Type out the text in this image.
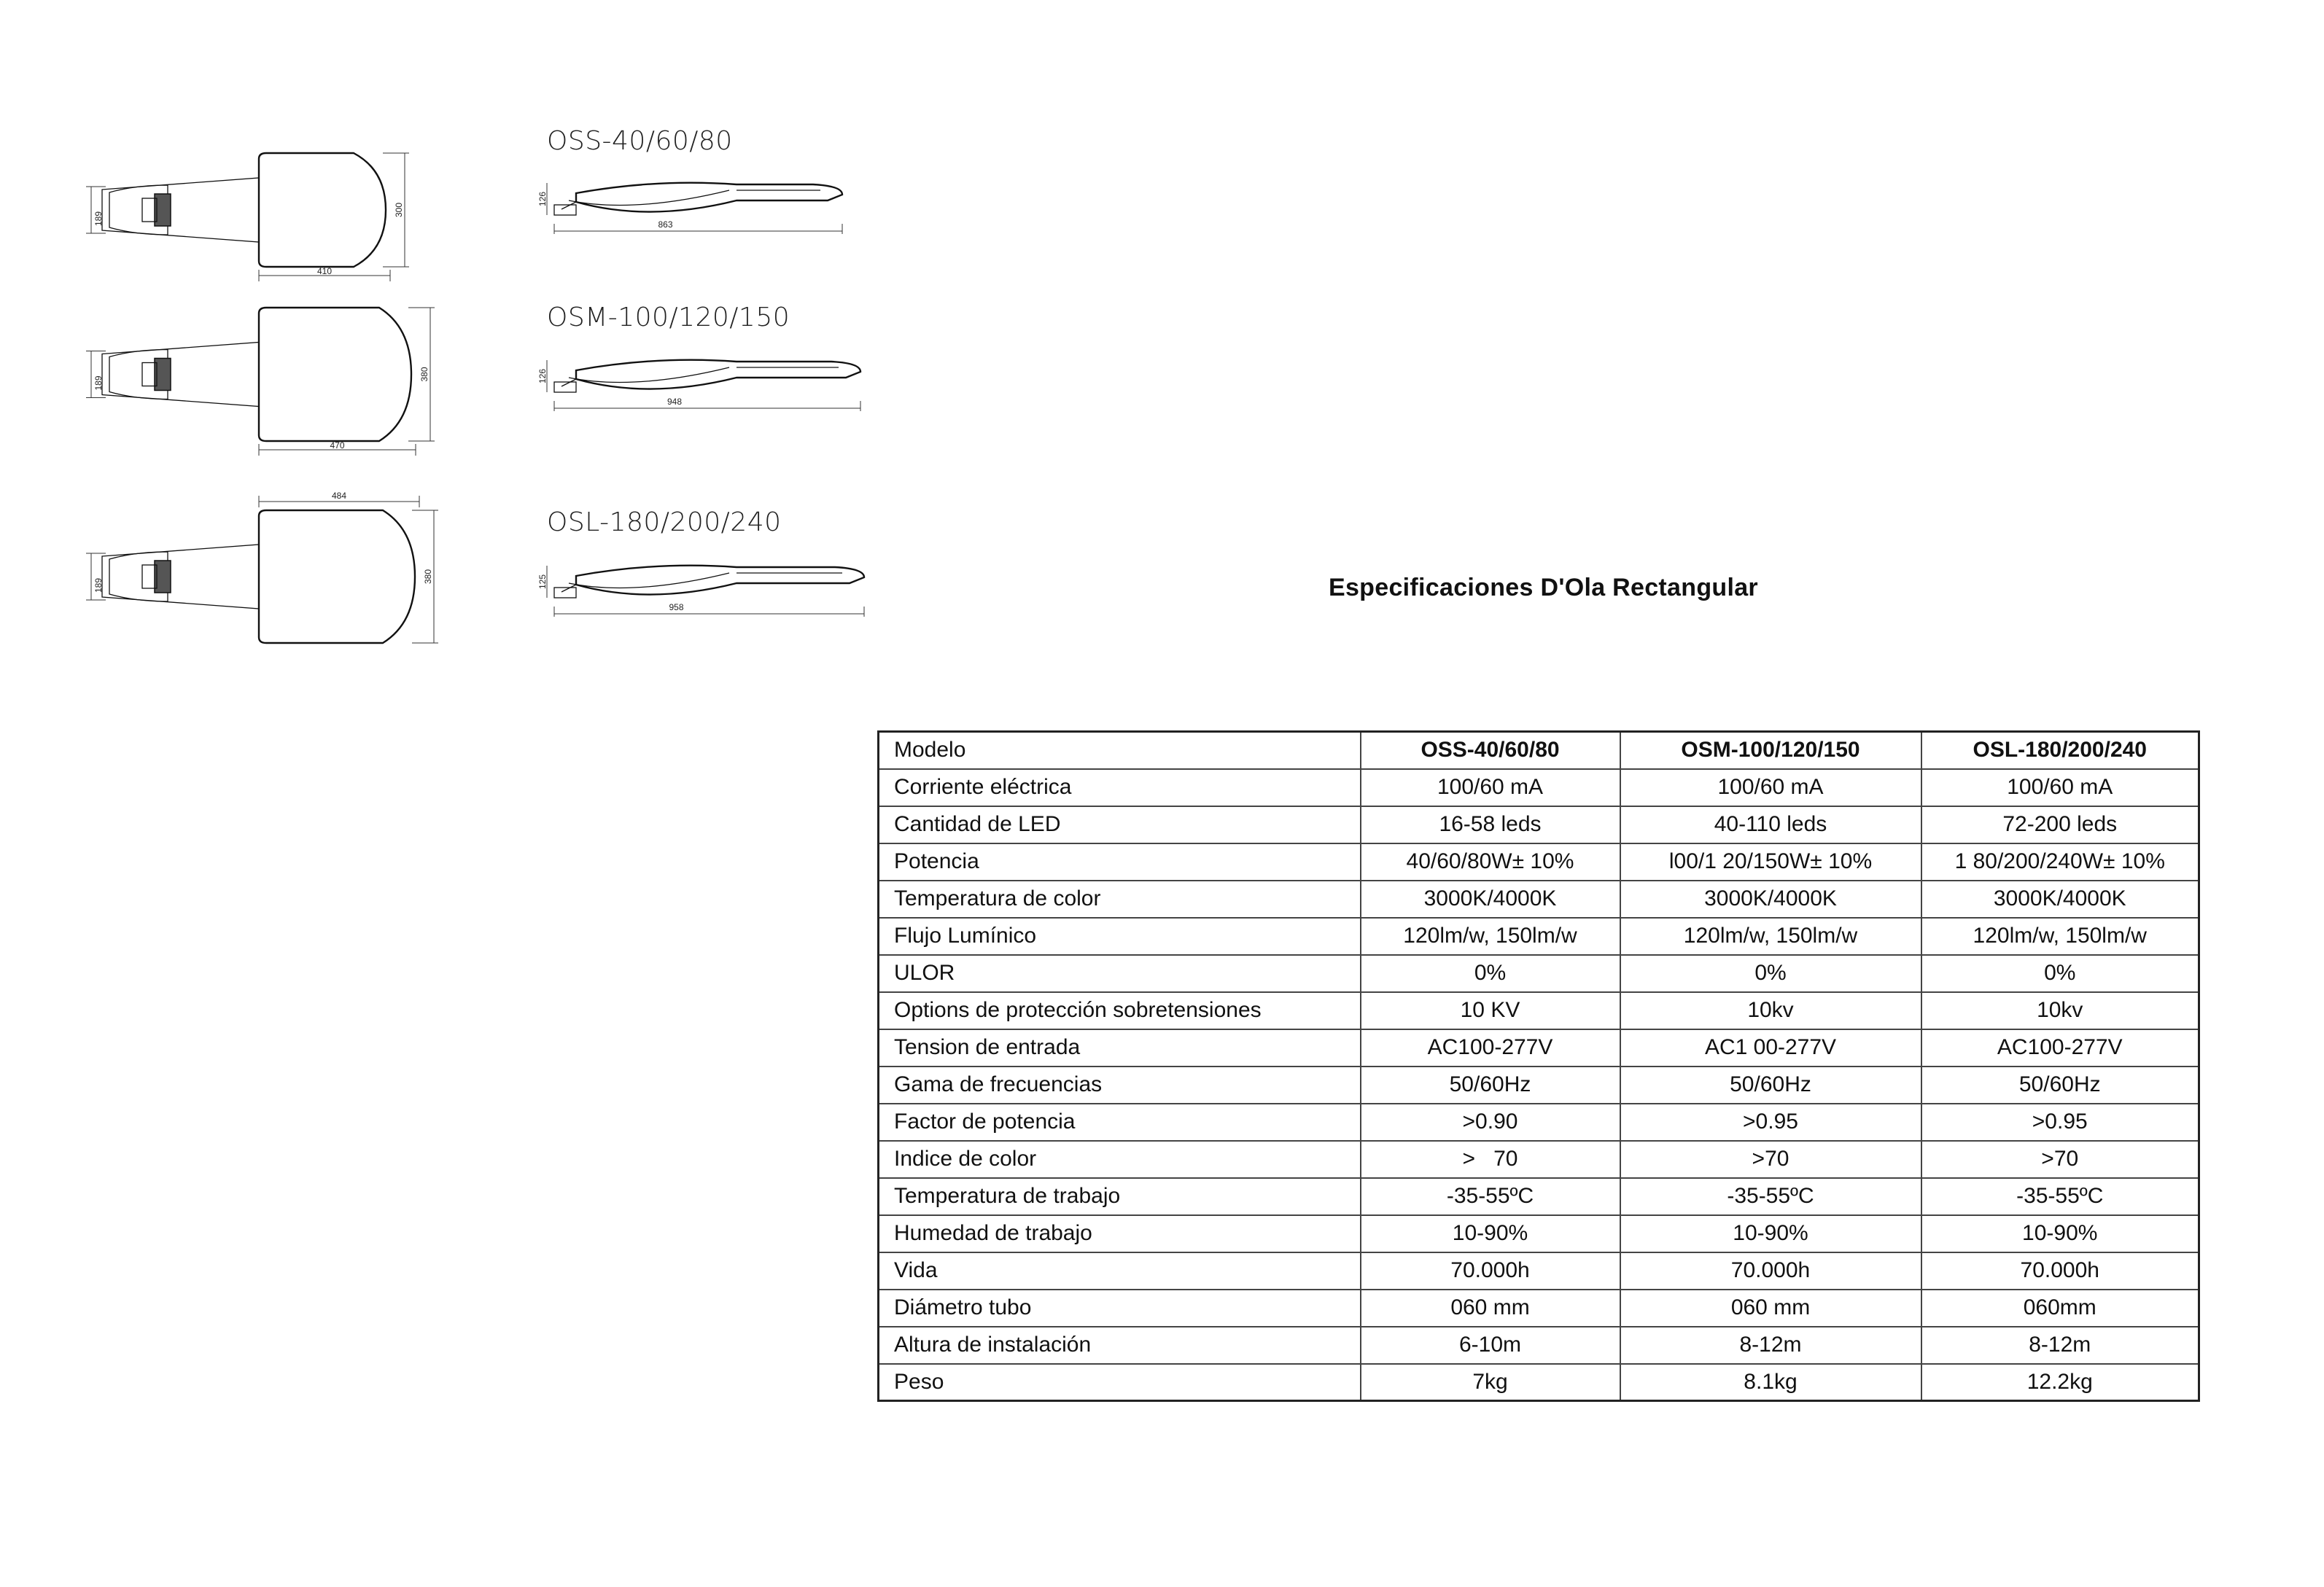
189
300
410
OSS-40/60/80
126
863
189
380
470
OSM-100/120/150
126
948
189
380
484
OSL-180/200/240
125
958
Especificaciones D'Ola Rectangular
Modelo	OSS-40/60/80	OSM-100/120/150	OSL-180/200/240
Corriente eléctrica	100/60 mA	100/60 mA	100/60 mA
Cantidad de LED	16-58 leds	40-110 leds	72-200 leds
Potencia	40/60/80W± 10%	l00/1 20/150W± 10%	1 80/200/240W± 10%
Temperatura de color	3000K/4000K	3000K/4000K	3000K/4000K
Flujo Lumínico	120lm/w, 150lm/w	120lm/w, 150lm/w	120lm/w, 150lm/w
ULOR	0%	0%	0%
Options de protección sobretensiones	10 KV	10kv	10kv
Tension de entrada	AC100-277V	AC1 00-277V	AC100-277V
Gama de frecuencias	50/60Hz	50/60Hz	50/60Hz
Factor de potencia	>0.90	>0.95	>0.95
Indice de color	>   70	>70	>70
Temperatura de trabajo	-35-55ºC	-35-55ºC	-35-55ºC
Humedad de trabajo	10-90%	10-90%	10-90%
Vida	70.000h	70.000h	70.000h
Diámetro tubo	060 mm	060 mm	060mm
Altura de instalación	6-10m	8-12m	8-12m
Peso	7kg	8.1kg	12.2kg
